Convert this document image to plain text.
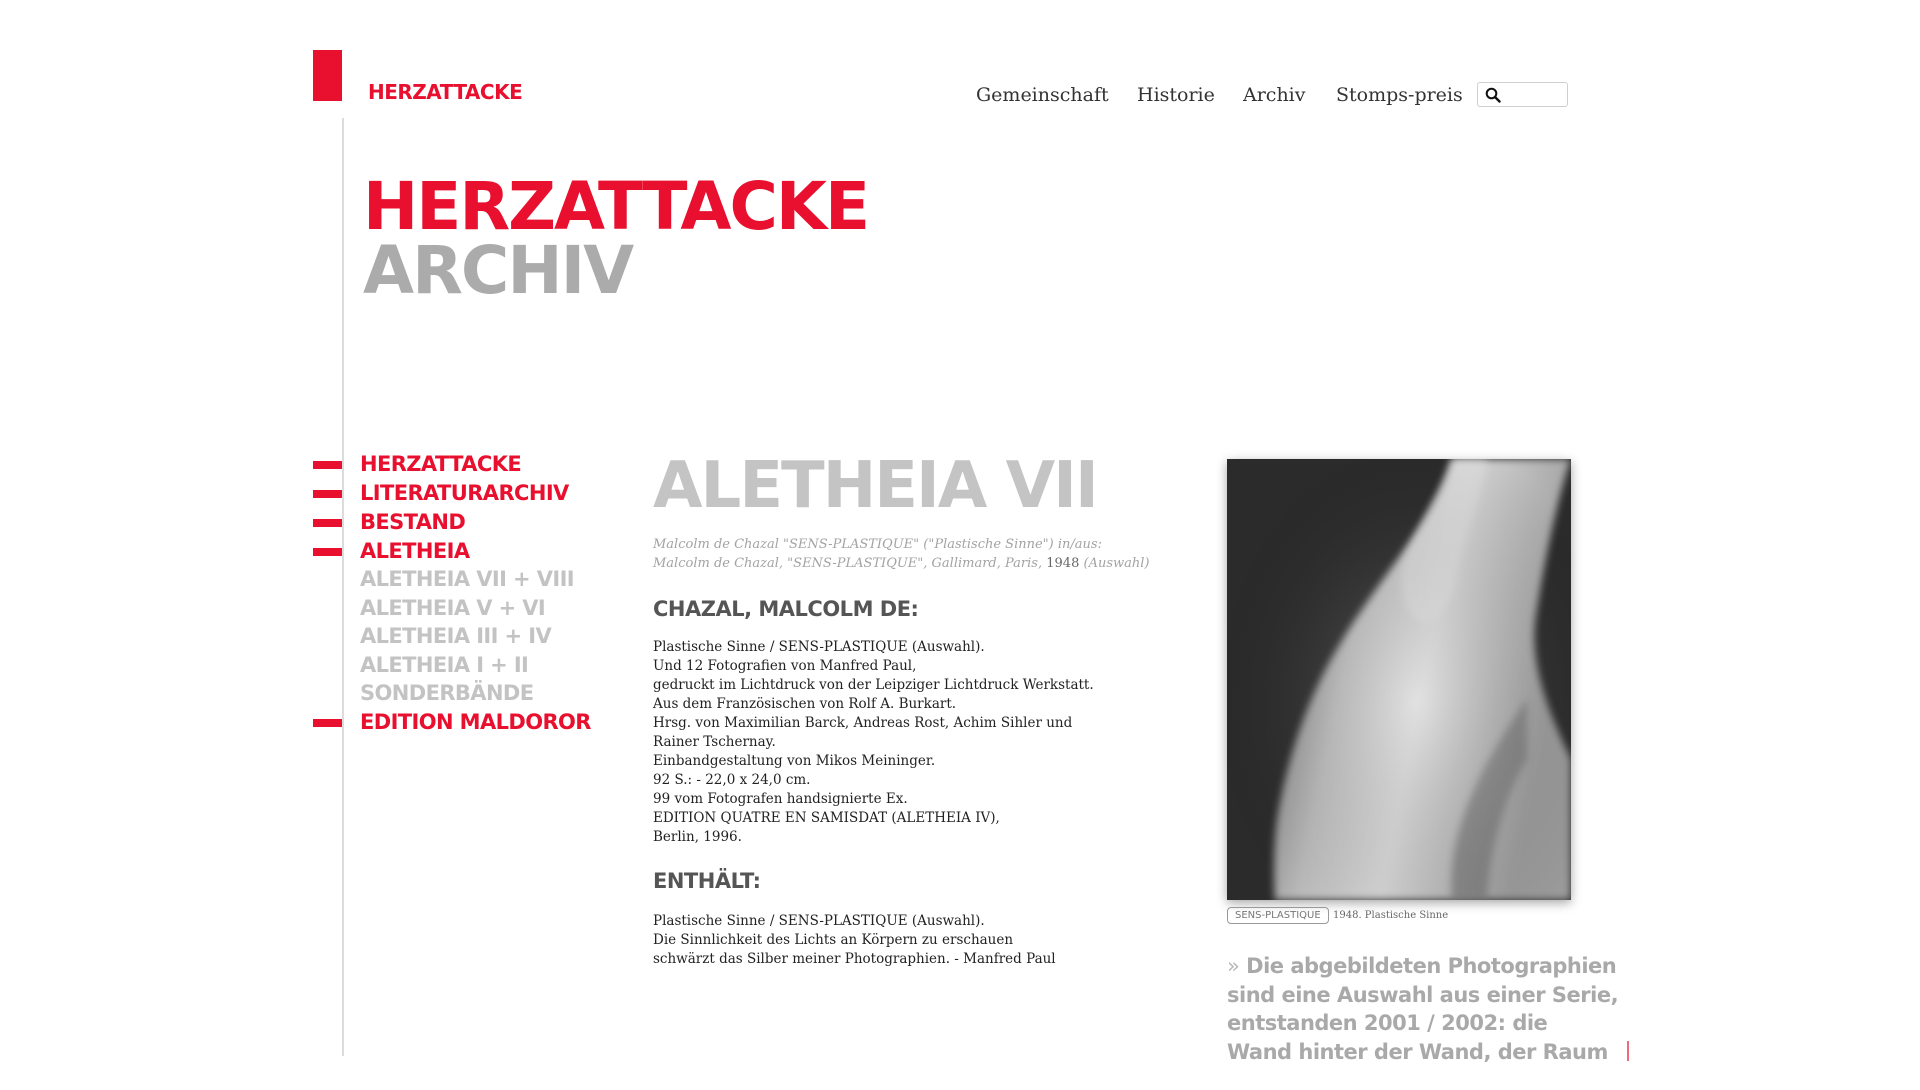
HERZATTACKE	Gemeinschaft Historie Archiv Stomps-preis
HERZATTACKE
ARCHIV
HERZATTACKE
LITERATURARCHIV
BESTAND
ALETHEIA
ALETHEIA VII + VIII
ALETHEIA V + VI
ALETHEIA III + IV
ALETHEIA I + II
SONDERBÄNDE
EDITION MALDOROR
ALETHEIA VII
Malcolm de Chazal "SENS-PLASTIQUE" ("Plastische Sinne") in/aus:
Malcolm de Chazal, "SENS-PLASTIQUE", Gallimard, Paris, 1948 (Auswahl)
CHAZAL, MALCOLM DE:
Plastische Sinne / SENS-PLASTIQUE (Auswahl).
Und 12 Fotografien von Manfred Paul,
gedruckt im Lichtdruck von der Leipziger Lichtdruck Werkstatt.
Aus dem Französischen von Rolf A. Burkart.
Hrsg. von Maximilian Barck, Andreas Rost, Achim Sihler und
Rainer Tschernay.
Einbandgestaltung von Mikos Meininger.
92 S.: - 22,0 x 24,0 cm.
99 vom Fotografen handsignierte Ex.
EDITION QUATRE EN SAMISDAT (ALETHEIA IV),
Berlin, 1996.
ENTHÄLT:
Plastische Sinne / SENS-PLASTIQUE (Auswahl).
Die Sinnlichkeit des Lichts an Körpern zu erschauen
schwärzt das Silber meiner Photographien. - Manfred Paul
SENS-PLASTIQUE	1948. Plastische Sinne
» Die abgebildeten Photographien
sind eine Auswahl aus einer Serie,
entstanden 2001 / 2002: die
Wand hinter der Wand, der Raum
